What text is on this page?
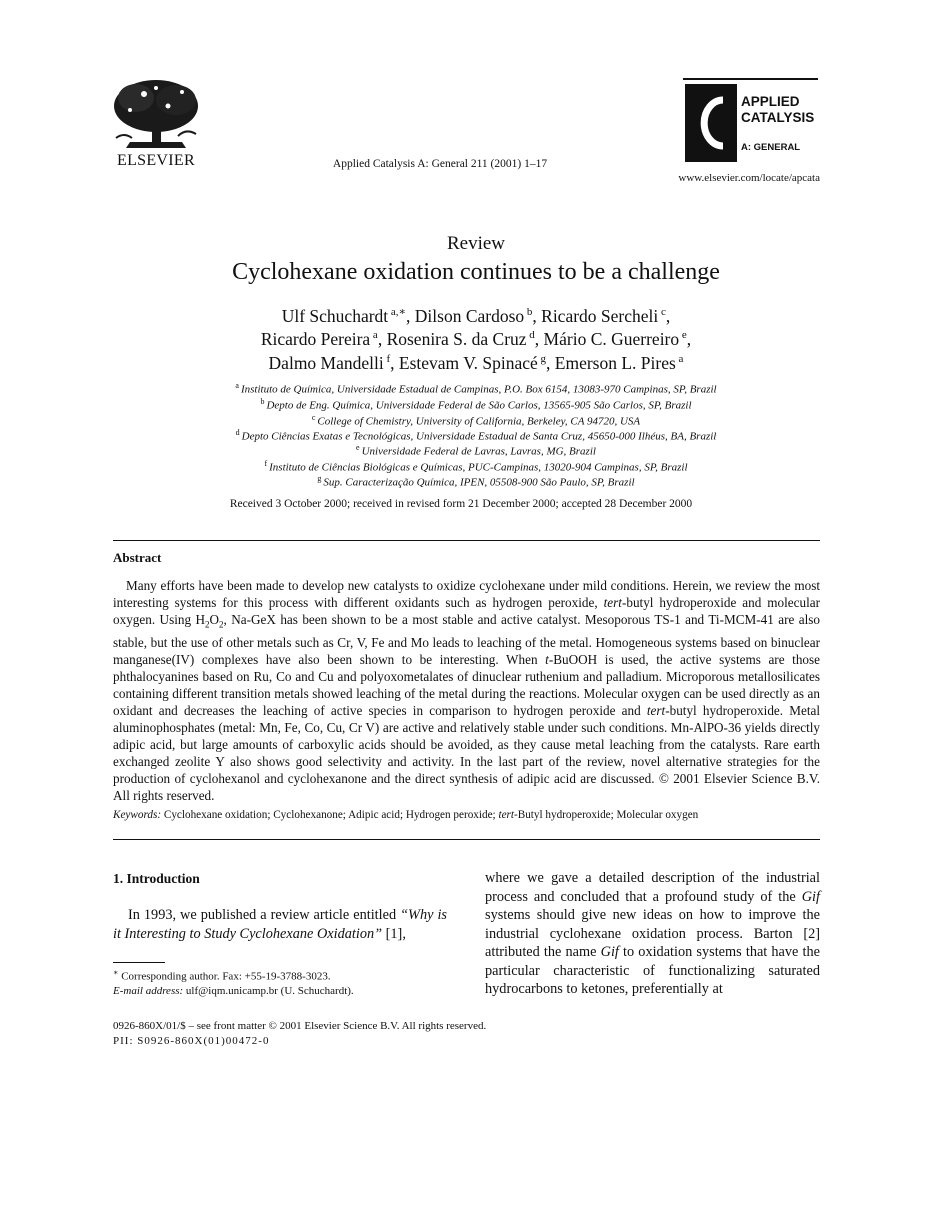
ELSEVIER	Applied Catalysis A: General 211 (2001) 1–17
APPLIED
CATALYSIS
A: GENERAL
www.elsevier.com/locate/apcata
Review
Cyclohexane oxidation continues to be a challenge
Ulf Schuchardt $^{a,∗}$, Dilson Cardoso $^b$, Ricardo Sercheli $^c$,
Ricardo Pereira $^a$, Rosenira S. da Cruz $^d$, Mário C. Guerreiro $^e$,
Dalmo Mandelli $^f$, Estevam V. Spinacé $^g$, Emerson L. Pires $^a$
$^a$ Instituto de Química, Universidade Estadual de Campinas, P.O. Box 6154, 13083-970 Campinas, SP, Brazil
$^b$ Depto de Eng. Química, Universidade Federal de São Carlos, 13565-905 São Carlos, SP, Brazil
$^c$ College of Chemistry, University of California, Berkeley, CA 94720, USA
$^d$ Depto Ciências Exatas e Tecnológicas, Universidade Estadual de Santa Cruz, 45650-000 Ilhéus, BA, Brazil
$^e$ Universidade Federal de Lavras, Lavras, MG, Brazil
$^f$ Instituto de Ciências Biológicas e Químicas, PUC-Campinas, 13020-904 Campinas, SP, Brazil
$^g$ Sup. Caracterização Química, IPEN, 05508-900 São Paulo, SP, Brazil
Received 3 October 2000; received in revised form 21 December 2000; accepted 28 December 2000
Abstract
Many efforts have been made to develop new catalysts to oxidize cyclohexane under mild conditions. Herein, we review the most interesting systems for this process with different oxidants such as hydrogen peroxide, tert-butyl hydroperoxide and molecular oxygen. Using $H_2O_2$, Na-GeX has been shown to be a most stable and active catalyst. Mesoporous TS-1 and Ti-MCM-41 are also stable, but the use of other metals such as Cr, V, Fe and Mo leads to leaching of the metal. Homogeneous systems based on binuclear manganese(IV) complexes have also been shown to be interesting. When t-BuOOH is used, the active systems are those phthalocyanines based on Ru, Co and Cu and polyoxometalates of dinuclear ruthenium and palladium. Microporous metallosilicates containing different transition metals showed leaching of the metal during the reactions. Molecular oxygen can be used directly as an oxidant and decreases the leaching of active species in comparison to hydrogen peroxide and tert-butyl hydroperoxide. Metal aluminophosphates (metal: Mn, Fe, Co, Cu, Cr V) are active and relatively stable under such conditions. Mn-AlPO-36 yields directly adipic acid, but large amounts of carboxylic acids should be avoided, as they cause metal leaching from the catalysts. Rare earth exchanged zeolite Y also shows good selectivity and activity. In the last part of the review, novel alternative strategies for the production of cyclohexanol and cyclohexanone and the direct synthesis of adipic acid are discussed. © 2001 Elsevier Science B.V. All rights reserved.
Keywords: Cyclohexane oxidation; Cyclohexanone; Adipic acid; Hydrogen peroxide; tert-Butyl hydroperoxide; Molecular oxygen
1. Introduction
In 1993, we published a review article entitled “Why is it Interesting to Study Cyclohexane Oxidation” [1],
where we gave a detailed description of the industrial process and concluded that a profound study of the Gif systems should give new ideas on how to improve the industrial cyclohexane oxidation process. Barton [2] attributed the name Gif to oxidation systems that have the particular characteristic of functionalizing saturated hydrocarbons to ketones, preferentially at
∗ Corresponding author. Fax: +55-19-3788-3023.
E-mail address: ulf@iqm.unicamp.br (U. Schuchardt).
0926-860X/01/$ – see front matter © 2001 Elsevier Science B.V. All rights reserved.
PII: S0926-860X(01)00472-0
